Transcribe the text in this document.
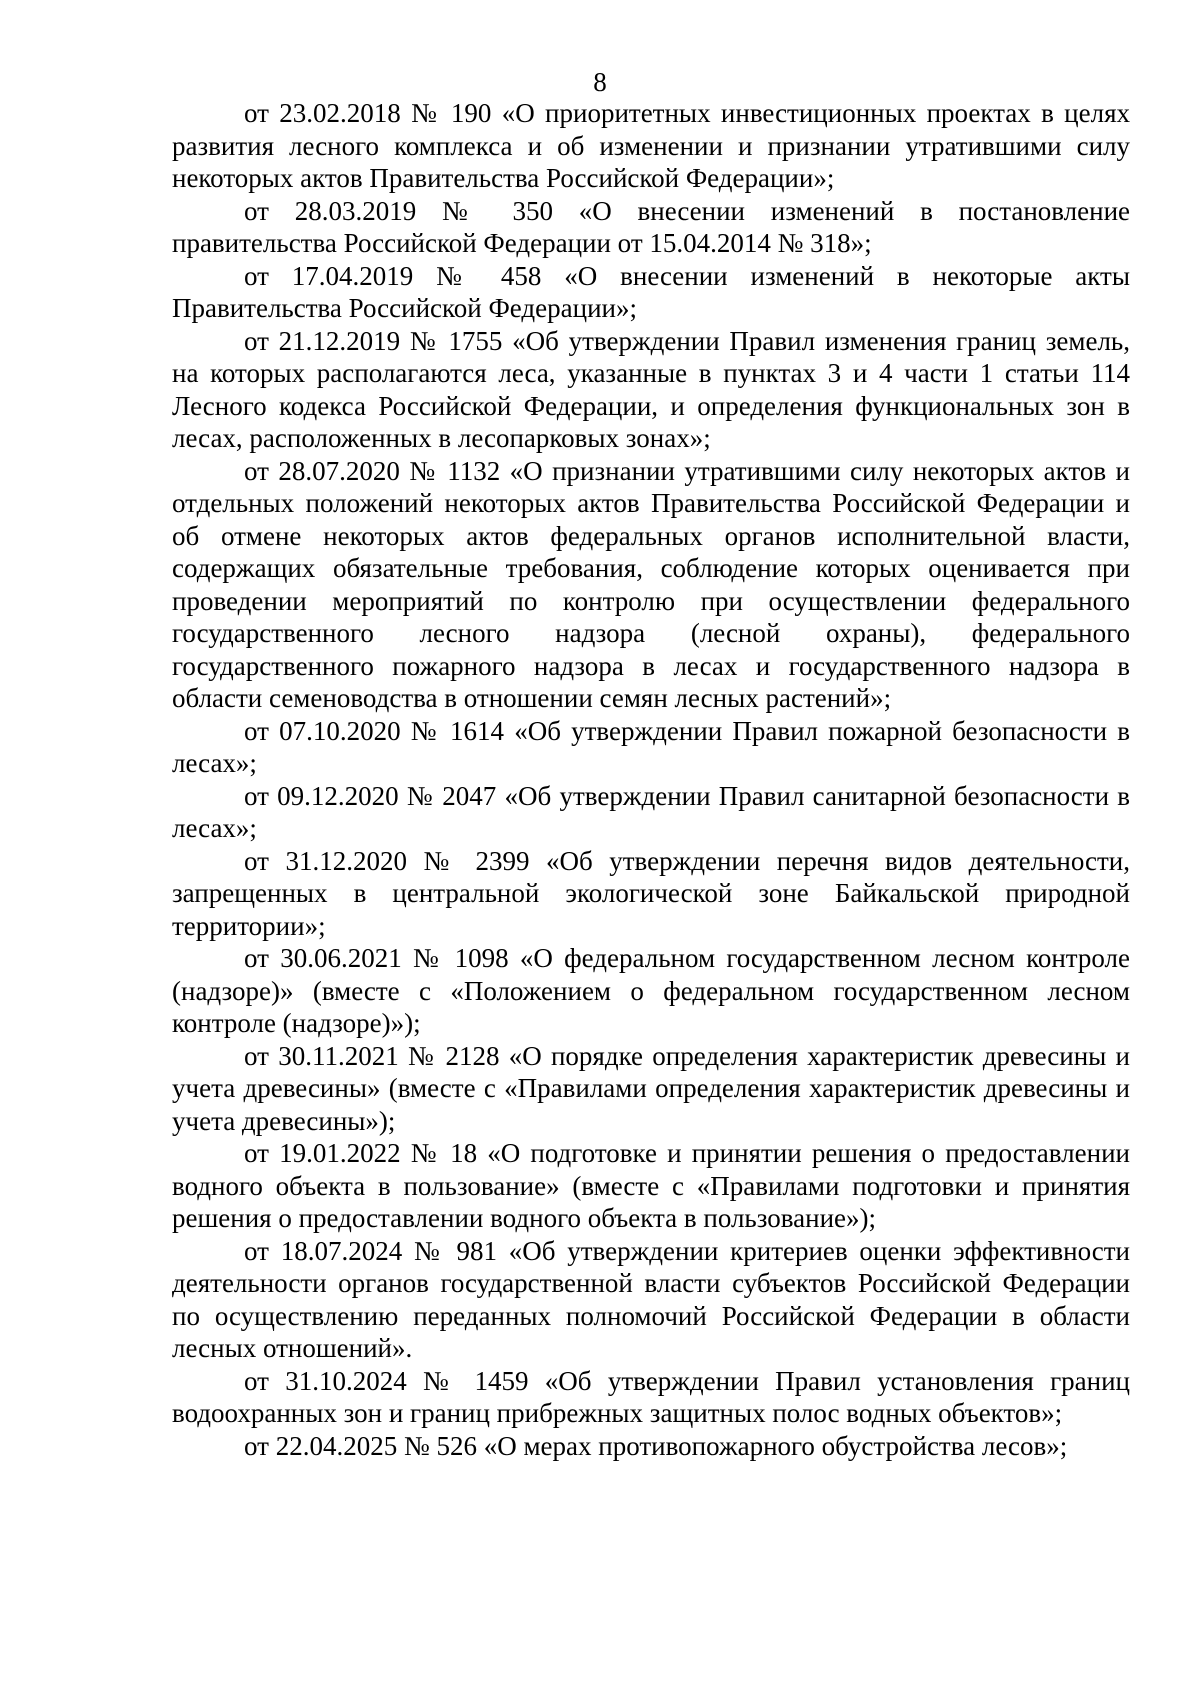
8

от 23.02.2018 № 190 «О приоритетных инвестиционных проектах в целях развития лесного комплекса и об изменении и признании утратившими силу некоторых актов Правительства Российской Федерации»;

от 28.03.2019 № 350 «О внесении изменений в постановление правительства Российской Федерации от 15.04.2014 № 318»;

от 17.04.2019 № 458 «О внесении изменений в некоторые акты Правительства Российской Федерации»;

от 21.12.2019 № 1755 «Об утверждении Правил изменения границ земель, на которых располагаются леса, указанные в пунктах 3 и 4 части 1 статьи 114 Лесного кодекса Российской Федерации, и определения функциональных зон в лесах, расположенных в лесопарковых зонах»;

от 28.07.2020 № 1132 «О признании утратившими силу некоторых актов и отдельных положений некоторых актов Правительства Российской Федерации и об отмене некоторых актов федеральных органов исполнительной власти, содержащих обязательные требования, соблюдение которых оценивается при проведении мероприятий по контролю при осуществлении федерального государственного лесного надзора (лесной охраны), федерального государственного пожарного надзора в лесах и государственного надзора в области семеноводства в отношении семян лесных растений»;

от 07.10.2020 № 1614 «Об утверждении Правил пожарной безопасности в лесах»;

от 09.12.2020 № 2047 «Об утверждении Правил санитарной безопасности в лесах»;

от 31.12.2020 № 2399 «Об утверждении перечня видов деятельности, запрещенных в центральной экологической зоне Байкальской природной территории»;

от 30.06.2021 № 1098 «О федеральном государственном лесном контроле (надзоре)» (вместе с «Положением о федеральном государственном лесном контроле (надзоре)»);

от 30.11.2021 № 2128 «О порядке определения характеристик древесины и учета древесины» (вместе с «Правилами определения характеристик древесины и учета древесины»);

от 19.01.2022 № 18 «О подготовке и принятии решения о предоставлении водного объекта в пользование» (вместе с «Правилами подготовки и принятия решения о предоставлении водного объекта в пользование»);

от 18.07.2024 № 981 «Об утверждении критериев оценки эффективности деятельности органов государственной власти субъектов Российской Федерации по осуществлению переданных полномочий Российской Федерации в области лесных отношений».

от 31.10.2024 № 1459 «Об утверждении Правил установления границ водоохранных зон и границ прибрежных защитных полос водных объектов»;

от 22.04.2025 № 526 «О мерах противопожарного обустройства лесов»;
